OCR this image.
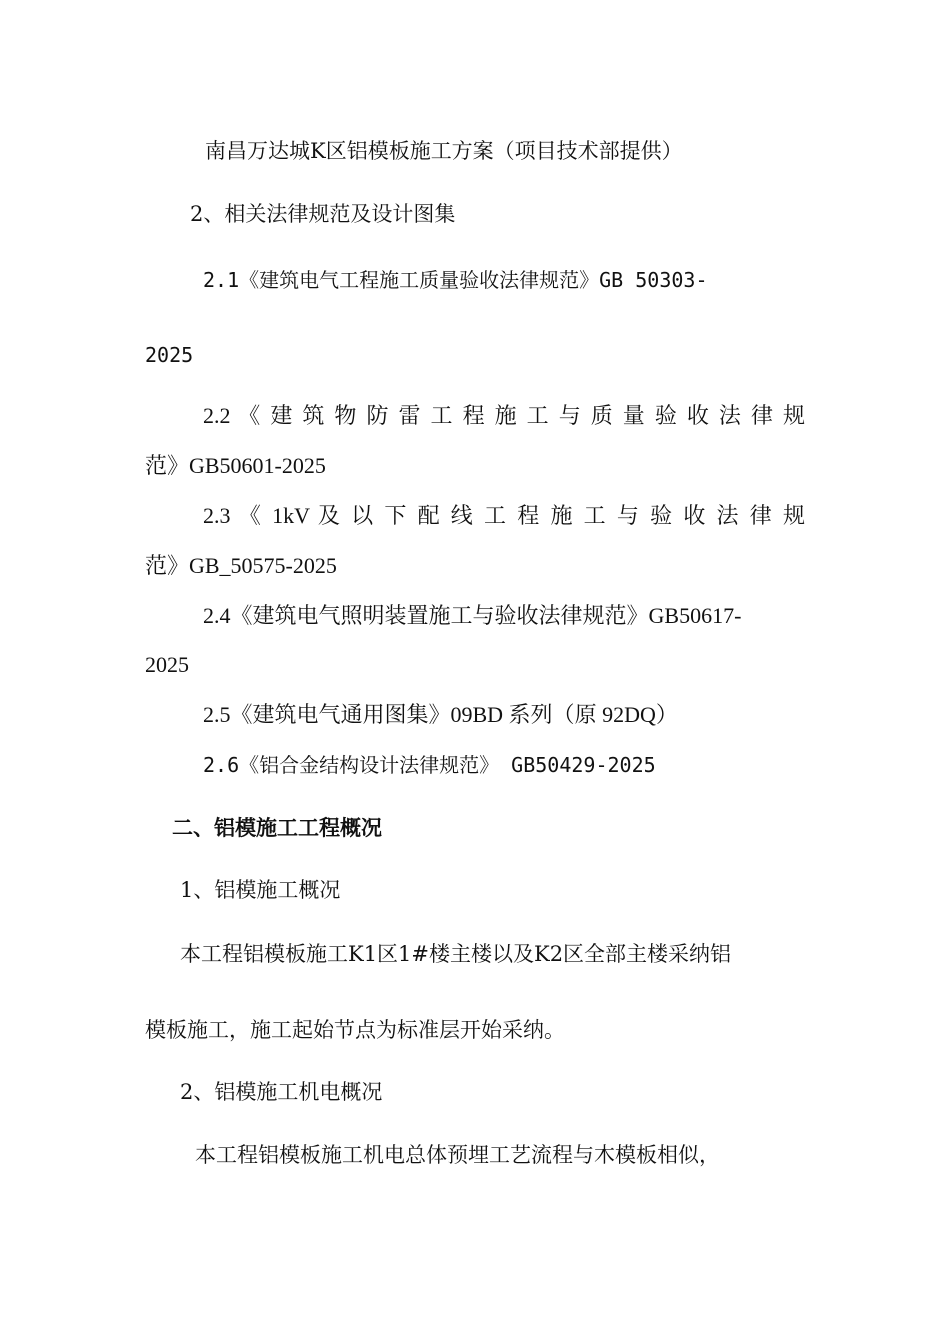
南昌万达城K区铝模板施工方案（项目技术部提供）
2、相关法律规范及设计图集
2.1《建筑电气工程施工质量验收法律规范》GB 50303-
2025
2.2 《 建 筑 物 防 雷 工 程 施 工 与 质 量 验 收 法 律 规
范》GB50601-2025
2.3 《 1kV 及 以 下 配 线 工 程 施 工 与 验 收 法 律 规
范》GB_50575-2025
2.4《建筑电气照明装置施工与验收法律规范》GB50617-
2025
2.5《建筑电气通用图集》09BD 系列（原 92DQ）
2.6《铝合金结构设计法律规范》 GB50429-2025
二、铝模施工工程概况
1、铝模施工概况
本工程铝模板施工K1区1#楼主楼以及K2区全部主楼采纳铝
模板施工，施工起始节点为标准层开始采纳。
2、铝模施工机电概况
本工程铝模板施工机电总体预埋工艺流程与木模板相似，
